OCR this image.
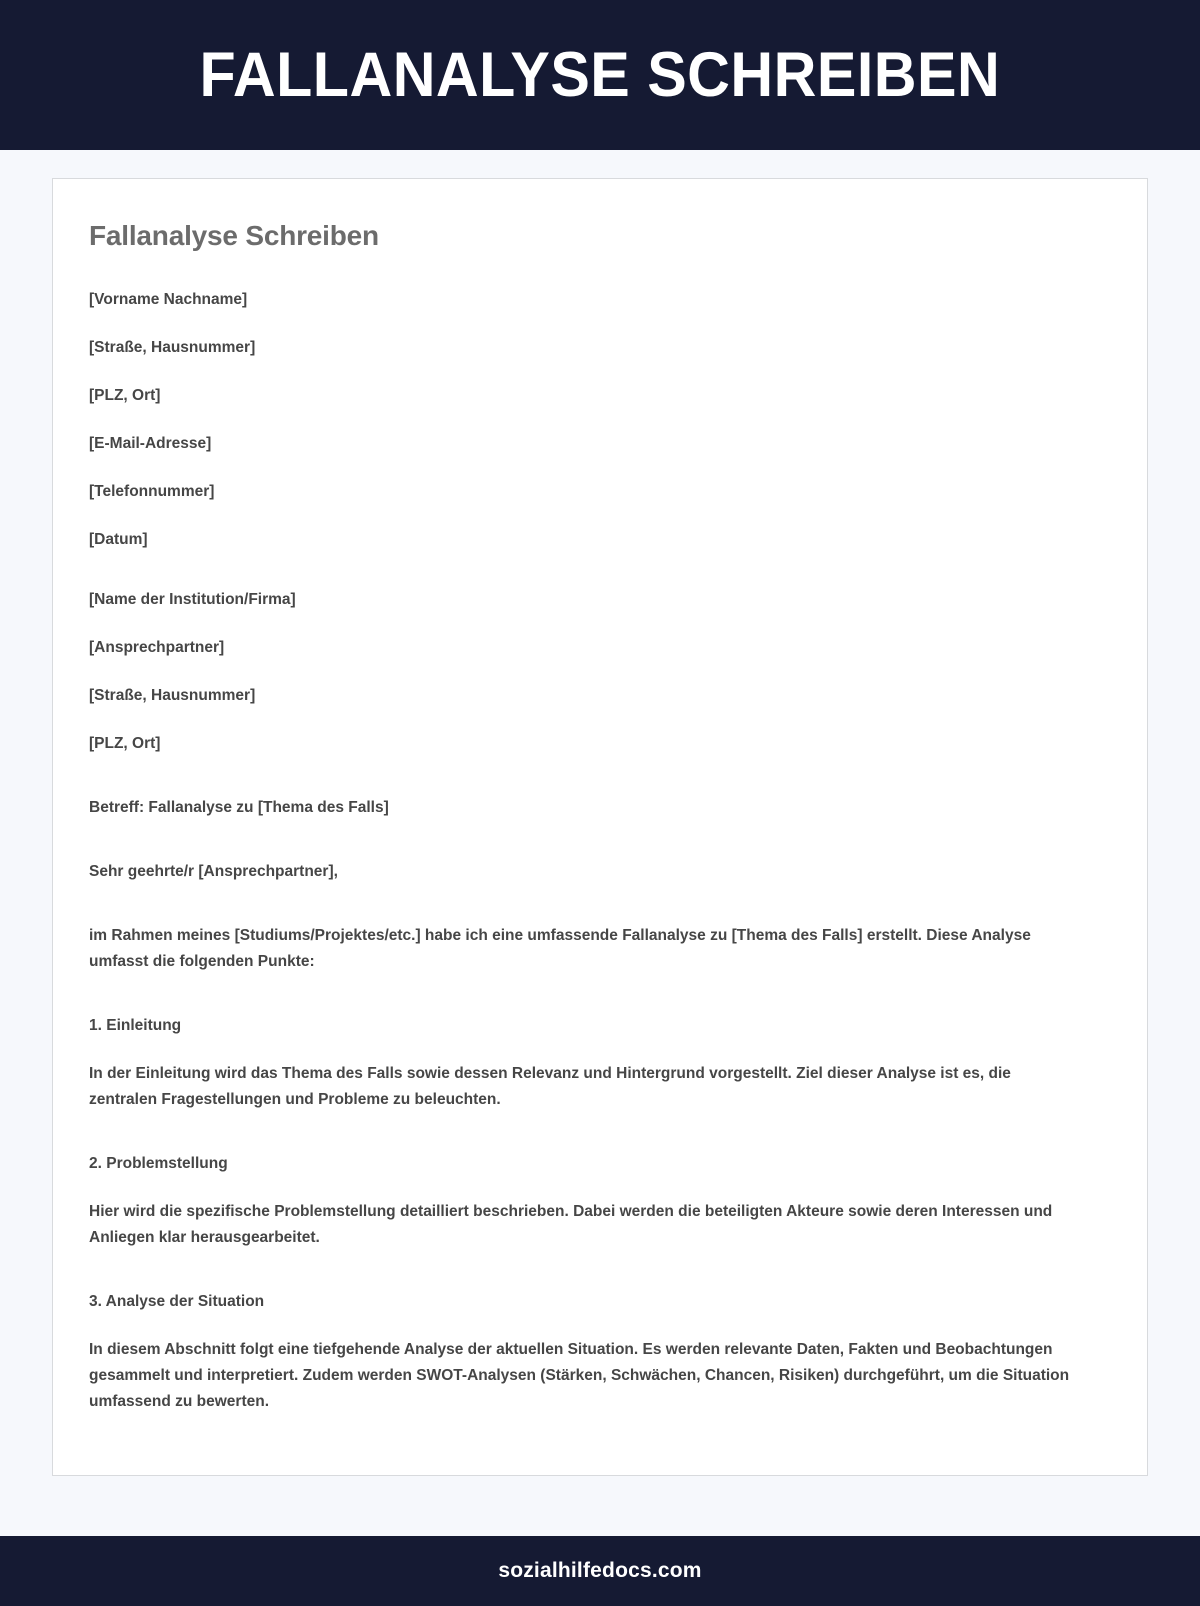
FALLANALYSE SCHREIBEN
Fallanalyse Schreiben

[Vorname Nachname]

[Straße, Hausnummer]

[PLZ, Ort]

[E-Mail-Adresse]

[Telefonnummer]

[Datum]

[Name der Institution/Firma]

[Ansprechpartner]

[Straße, Hausnummer]

[PLZ, Ort]

Betreff: Fallanalyse zu [Thema des Falls]

Sehr geehrte/r [Ansprechpartner],

im Rahmen meines [Studiums/Projektes/etc.] habe ich eine umfassende Fallanalyse zu [Thema des Falls] erstellt. Diese Analyse umfasst die folgenden Punkte:

1. Einleitung

In der Einleitung wird das Thema des Falls sowie dessen Relevanz und Hintergrund vorgestellt. Ziel dieser Analyse ist es, die zentralen Fragestellungen und Probleme zu beleuchten.

2. Problemstellung

Hier wird die spezifische Problemstellung detailliert beschrieben. Dabei werden die beteiligten Akteure sowie deren Interessen und Anliegen klar herausgearbeitet.

3. Analyse der Situation

In diesem Abschnitt folgt eine tiefgehende Analyse der aktuellen Situation. Es werden relevante Daten, Fakten und Beobachtungen gesammelt und interpretiert. Zudem werden SWOT-Analysen (Stärken, Schwächen, Chancen, Risiken) durchgeführt, um die Situation umfassend zu bewerten.

sozialhilfedocs.com
